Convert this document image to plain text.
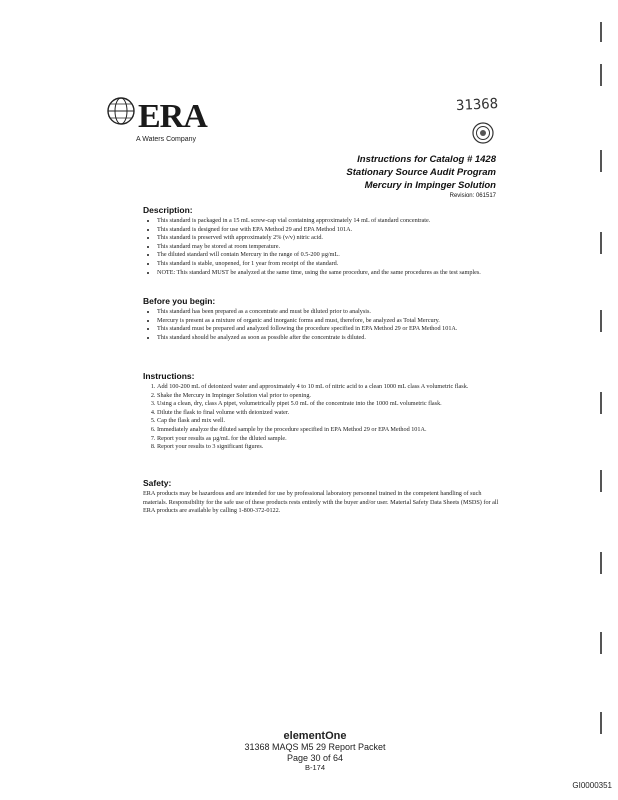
ERA
A Waters Company
31368
Instructions for Catalog # 1428
Stationary Source Audit Program
Mercury in Impinger Solution
Revision: 061517
Description:
• This standard is packaged in a 15 mL screw-cap vial containing approximately 14 mL of standard concentrate.
• This standard is designed for use with EPA Method 29 and EPA Method 101A.
• This standard is preserved with approximately 2% (v/v) nitric acid.
• This standard may be stored at room temperature.
• The diluted standard will contain Mercury in the range of 0.5-200 µg/mL.
• This standard is stable, unopened, for 1 year from receipt of the standard.
• NOTE: This standard MUST be analyzed at the same time, using the same procedure, and the same procedures as the test samples.
Before you begin:
• This standard has been prepared as a concentrate and must be diluted prior to analysis.
• Mercury is present as a mixture of organic and inorganic forms and must, therefore, be analyzed as Total Mercury.
• This standard must be prepared and analyzed following the procedure specified in EPA Method 29 or EPA Method 101A.
• This standard should be analyzed as soon as possible after the concentrate is diluted.
Instructions:
1. Add 100-200 mL of deionized water and approximately 4 to 10 mL of nitric acid to a clean 1000 mL class A volumetric flask.
2. Shake the Mercury in Impinger Solution vial prior to opening.
3. Using a clean, dry, class A pipet, volumetrically pipet 5.0 mL of the concentrate into the 1000 mL volumetric flask.
4. Dilute the flask to final volume with deionized water.
5. Cap the flask and mix well.
6. Immediately analyze the diluted sample by the procedure specified in EPA Method 29 or EPA Method 101A.
7. Report your results as µg/mL for the diluted sample.
8. Report your results to 3 significant figures.
Safety:

ERA products may be hazardous and are intended for use by professional laboratory personnel trained in the competent handling of such materials. Responsibility for the safe use of these products rests entirely with the buyer and/or user. Material Safety Data Sheets (MSDS) for all ERA products are available by calling 1-800-372-0122.

elementOne
31368 MAQS M5 29 Report Packet
Page 30 of 64
B-174
GI0000351
